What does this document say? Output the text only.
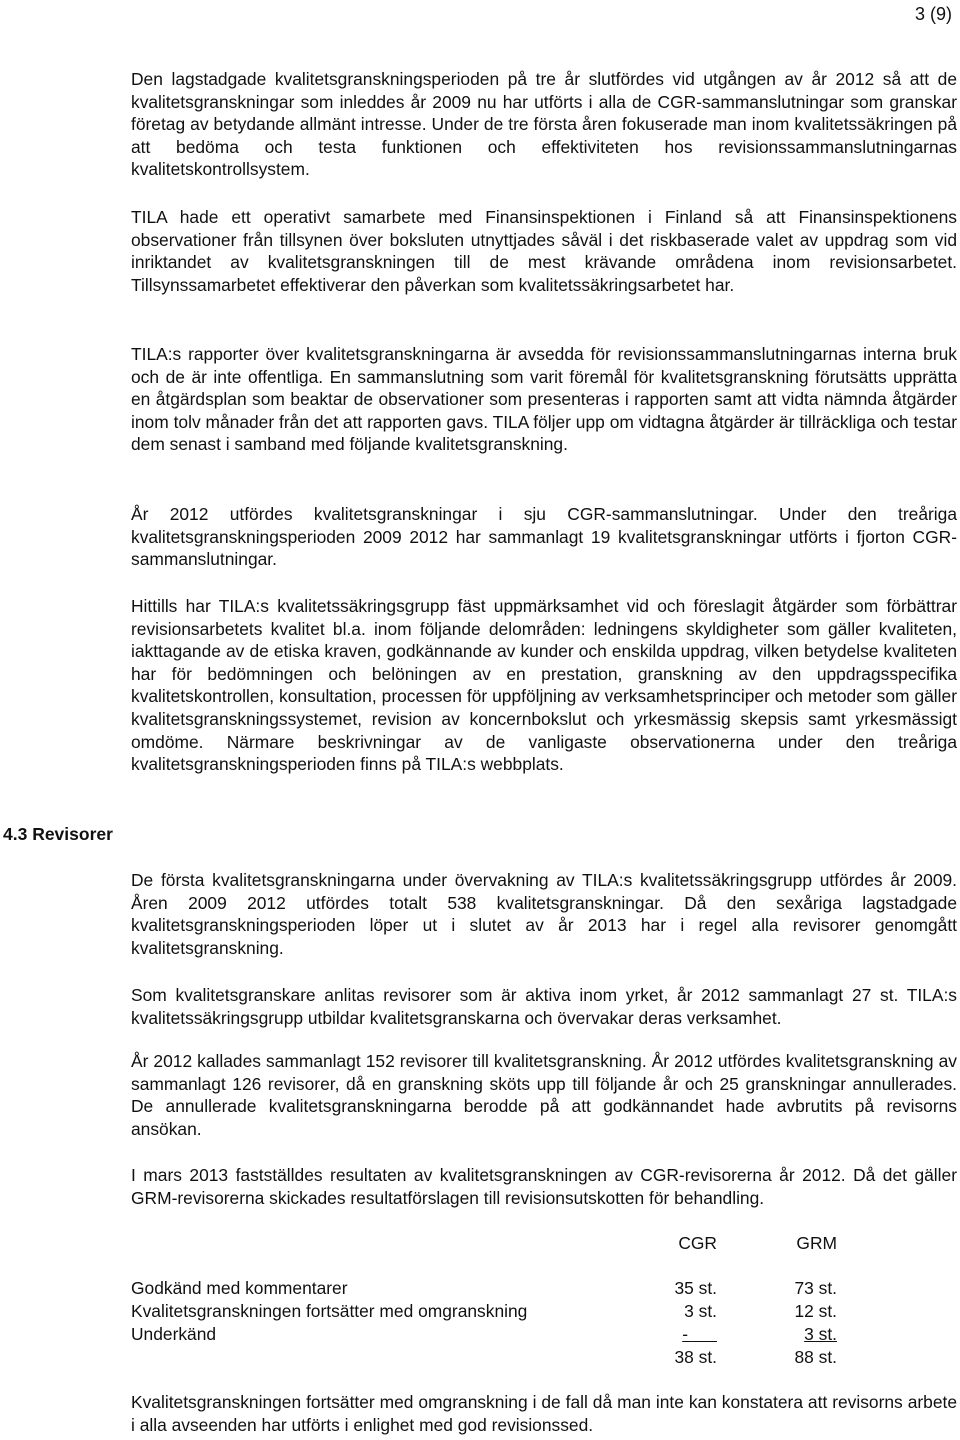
3 (9)
4.3 Revisorer

Den lagstadgade kvalitetsgranskningsperioden på tre år slutfördes vid utgången av år 2012 så att de kvalitetsgranskningar som inleddes år 2009 nu har utförts i alla de CGR-sammanslutningar som granskar företag av betydande allmänt intresse. Under de tre första åren fokuserade man inom kvalitetssäkringen på att bedöma och testa funktionen och effektiviteten hos revisionssammanslutningarnas kvalitetskontrollsystem.

TILA hade ett operativt samarbete med Finansinspektionen i Finland så att Finansinspektionens observationer från tillsynen över boksluten utnyttjades såväl i det riskbaserade valet av uppdrag som vid inriktandet av kvalitetsgranskningen till de mest krävande områdena inom revisionsarbetet. Tillsynssamarbetet effektiverar den påverkan som kvalitetssäkringsarbetet har.

TILA:s rapporter över kvalitetsgranskningarna är avsedda för revisionssammanslutningarnas interna bruk och de är inte offentliga. En sammanslutning som varit föremål för kvalitetsgranskning förutsätts upprätta en åtgärdsplan som beaktar de observationer som presenteras i rapporten samt att vidta nämnda åtgärder inom tolv månader från det att rapporten gavs. TILA följer upp om vidtagna åtgärder är tillräckliga och testar dem senast i samband med följande kvalitetsgranskning.

År 2012 utfördes kvalitetsgranskningar i sju CGR-sammanslutningar. Under den treåriga kvalitetsgranskningsperioden 2009 2012 har sammanlagt 19 kvalitetsgranskningar utförts i fjorton CGR-sammanslutningar.

Hittills har TILA:s kvalitetssäkringsgrupp fäst uppmärksamhet vid och föreslagit åtgärder som förbättrar revisionsarbetets kvalitet bl.a. inom följande delområden: ledningens skyldigheter som gäller kvaliteten, iakttagande av de etiska kraven, godkännande av kunder och enskilda uppdrag, vilken betydelse kvaliteten har för bedömningen och belöningen av en prestation, granskning av den uppdragsspecifika kvalitetskontrollen, konsultation, processen för uppföljning av verksamhetsprinciper och metoder som gäller kvalitetsgranskningssystemet, revision av koncernbokslut och yrkesmässig skepsis samt yrkesmässigt omdöme. Närmare beskrivningar av de vanligaste observationerna under den treåriga kvalitetsgranskningsperioden finns på TILA:s webbplats.

De första kvalitetsgranskningarna under övervakning av TILA:s kvalitetssäkringsgrupp utfördes år 2009. Åren 2009 2012 utfördes totalt 538 kvalitetsgranskningar. Då den sexåriga lagstadgade kvalitetsgranskningsperioden löper ut i slutet av år 2013 har i regel alla revisorer genomgått kvalitetsgranskning.

Som kvalitetsgranskare anlitas revisorer som är aktiva inom yrket, år 2012 sammanlagt 27 st. TILA:s kvalitetssäkringsgrupp utbildar kvalitetsgranskarna och övervakar deras verksamhet.

År 2012 kallades sammanlagt 152 revisorer till kvalitetsgranskning. År 2012 utfördes kvalitetsgranskning av sammanlagt 126 revisorer, då en granskning sköts upp till följande år och 25 granskningar annullerades. De annullerade kvalitetsgranskningarna berodde på att godkännandet hade avbrutits på revisorns ansökan.

I mars 2013 fastställdes resultaten av kvalitetsgranskningen av CGR-revisorerna år 2012. Då det gäller GRM-revisorerna skickades resultatförslagen till revisionsutskotten för behandling.

	CGR		GRM
Godkänd med kommentarer	35 st.		73 st.
Kvalitetsgranskningen fortsätter med omgranskning	3 st.		12 st.
Underkänd	-		3 st.
	38 st.		88 st.

Kvalitetsgranskningen fortsätter med omgranskning i de fall då man inte kan konstatera att revisorns arbete i alla avseenden har utförts i enlighet med god revisionssed.
